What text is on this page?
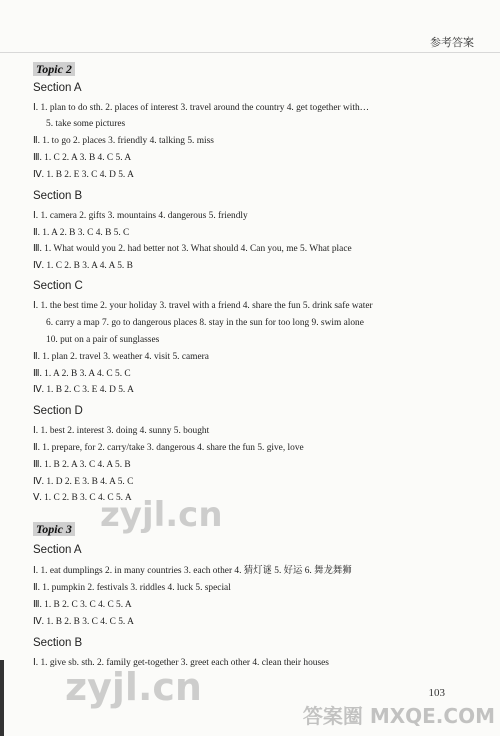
参考答案
Topic 2
Section A
Ⅰ. 1. plan to do sth. 2. places of interest 3. travel around the country 4. get together with…
5. take some pictures
Ⅱ. 1. to go 2. places 3. friendly 4. talking 5. miss
Ⅲ. 1. C 2. A 3. B 4. C 5. A
Ⅳ. 1. B 2. E 3. C 4. D 5. A
Section B
Ⅰ. 1. camera 2. gifts 3. mountains 4. dangerous 5. friendly
Ⅱ. 1. A 2. B 3. C 4. B 5. C
Ⅲ. 1. What would you 2. had better not 3. What should 4. Can you, me 5. What place
Ⅳ. 1. C 2. B 3. A 4. A 5. B
Section C
Ⅰ. 1. the best time 2. your holiday 3. travel with a friend 4. share the fun 5. drink safe water
6. carry a map 7. go to dangerous places 8. stay in the sun for too long 9. swim alone
10. put on a pair of sunglasses
Ⅱ. 1. plan 2. travel 3. weather 4. visit 5. camera
Ⅲ. 1. A 2. B 3. A 4. C 5. C
Ⅳ. 1. B 2. C 3. E 4. D 5. A
Section D
Ⅰ. 1. best 2. interest 3. doing 4. sunny 5. bought
Ⅱ. 1. prepare, for 2. carry/take 3. dangerous 4. share the fun 5. give, love
Ⅲ. 1. B 2. A 3. C 4. A 5. B
Ⅳ. 1. D 2. E 3. B 4. A 5. C
Ⅴ. 1. C 2. B 3. C 4. C 5. A
Topic 3
Section A
Ⅰ. 1. eat dumplings 2. in many countries 3. each other 4. 猜灯谜 5. 好运 6. 舞龙舞狮
Ⅱ. 1. pumpkin 2. festivals 3. riddles 4. luck 5. special
Ⅲ. 1. B 2. C 3. C 4. C 5. A
Ⅳ. 1. B 2. B 3. C 4. C 5. A
Section B
Ⅰ. 1. give sb. sth. 2. family get-together 3. greet each other 4. clean their houses
103
zyjl.cn
zyjl.cn
答案圈 MXQE.COM
